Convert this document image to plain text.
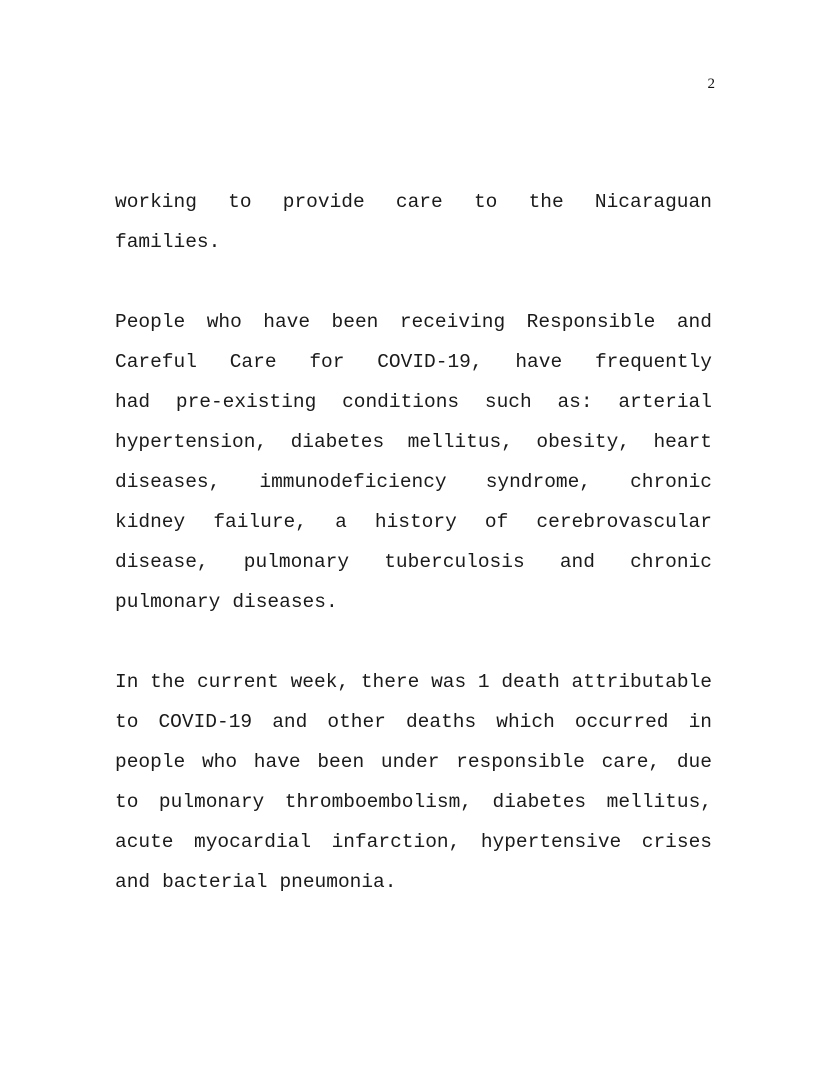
2
working to provide care to the Nicaraguan
families.
People who have been receiving Responsible and
Careful Care for COVID-19, have frequently
had pre-existing conditions such as: arterial
hypertension, diabetes mellitus, obesity, heart
diseases, immunodeficiency syndrome, chronic
kidney failure, a history of cerebrovascular
disease, pulmonary tuberculosis and chronic
pulmonary diseases.
In the current week, there was 1 death attributable
to COVID-19 and other deaths which occurred in
people who have been under responsible care, due
to pulmonary thromboembolism, diabetes mellitus,
acute myocardial infarction, hypertensive crises
and bacterial pneumonia.
